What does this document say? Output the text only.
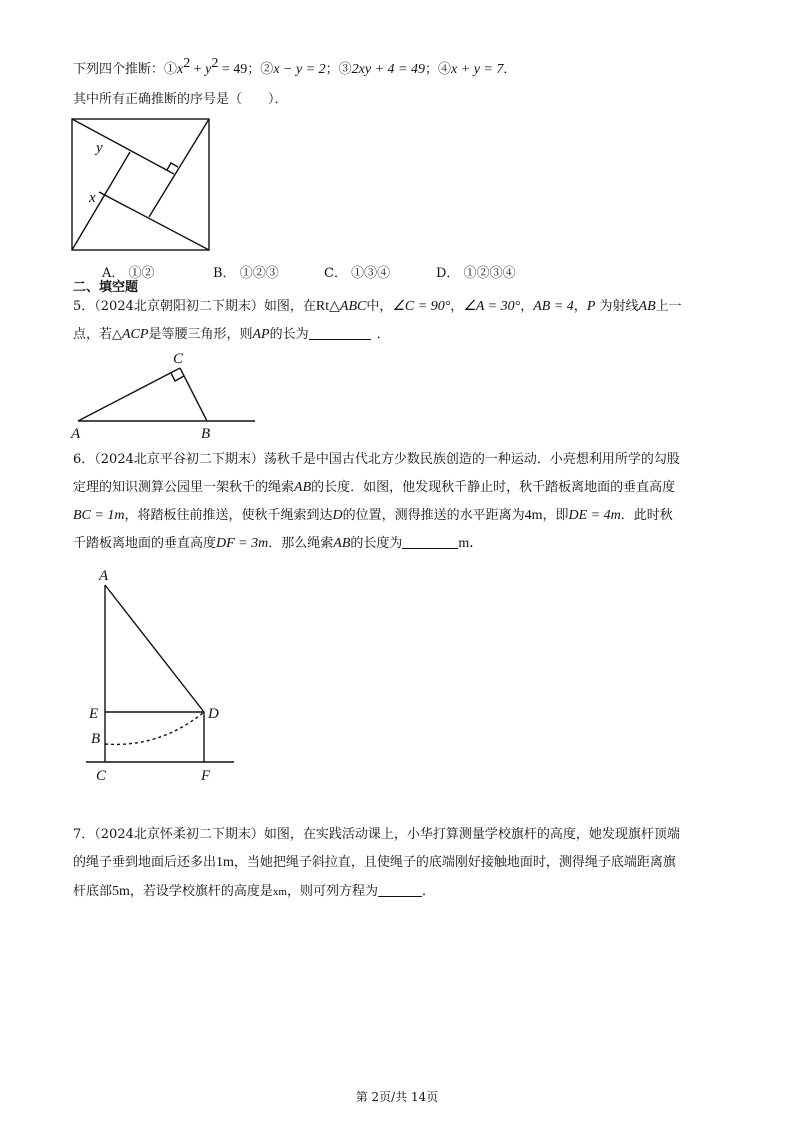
下列四个推断：$①x^2 + y^2 = 49$；②x − y = 2；③2xy + 4 = 49；④x + y = 7．
其中所有正确推断的序号是（　　）．
y
x
A． ①②	B． ①②③	C． ①③④	D． ①②③④
二、填空题
5．（2024北京朝阳初二下期末）如图，在Rt△ABC中，∠C = 90°，∠A = 30°，AB = 4，P 为射线AB上一
点，若△ACP是等腰三角形，则AP的长为	．
C
A	B
6．（2024北京平谷初二下期末）荡秋千是中国古代北方少数民族创造的一种运动．小亮想利用所学的勾股
定理的知识测算公园里一架秋千的绳索AB的长度．如图，他发现秋千静止时，秋千踏板离地面的垂直高度
BC = 1m，将踏板往前推送，使秋千绳索到达D的位置，测得推送的水平距离为4m，即DE = 4m．此时秋
千踏板离地面的垂直高度DF = 3m．那么绳索AB的长度为	m．
A
E	D
B
C	F
7．（2024北京怀柔初二下期末）如图，在实践活动课上，小华打算测量学校旗杆的高度，她发现旗杆顶端
的绳子垂到地面后还多出1m，当她把绳子斜拉直，且使绳子的底端刚好接触地面时，测得绳子底端距离旗
杆底部5m，若设学校旗杆的高度是xm，则可列方程为	．
第 2页/共 14页
